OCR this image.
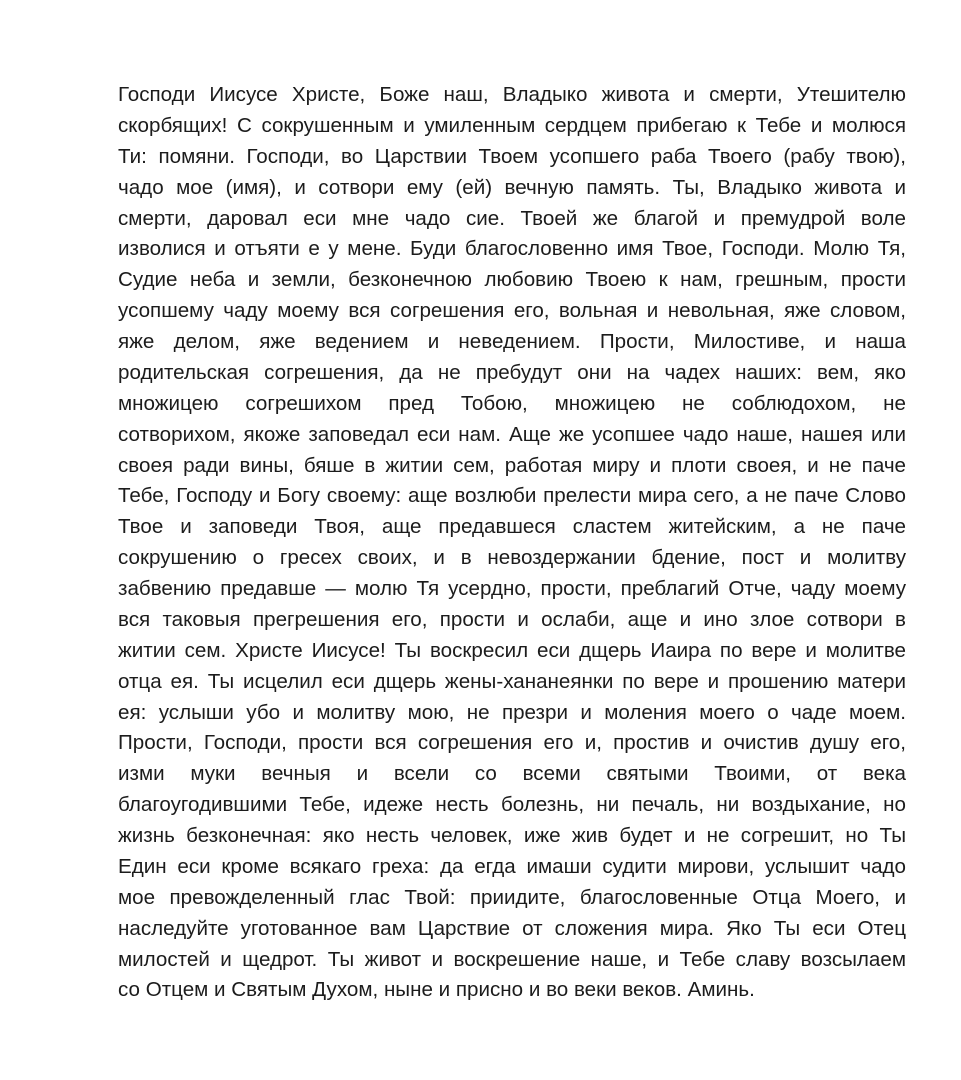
Господи Иисусе Христе, Боже наш, Владыко живота и смерти, Утешителю
скорбящих! С сокрушенным и умиленным сердцем прибегаю к Тебе и молюся
Ти: помяни. Господи, во Царствии Твоем усопшего раба Твоего (рабу твою),
чадо мое (имя), и сотвори ему (ей) вечную память. Ты, Владыко живота и
смерти, даровал еси мне чадо сие. Твоей же благой и премудрой воле
изволися и отъяти е у мене. Буди благословенно имя Твое, Господи. Молю Тя,
Судие неба и земли, безконечною любовию Твоею к нам, грешным, прости
усопшему чаду моему вся согрешения его, вольная и невольная, яже словом,
яже делом, яже ведением и неведением. Прости, Милостиве, и наша
родительская согрешения, да не пребудут они на чадех наших: вем, яко
множицею согрешихом пред Тобою, множицею не соблюдохом, не
сотворихом, якоже заповедал еси нам. Аще же усопшее чадо наше, нашея или
своея ради вины, бяше в житии сем, работая миру и плоти своея, и не паче
Тебе, Господу и Богу своему: аще возлюби прелести мира сего, а не паче Слово
Твое и заповеди Твоя, аще предавшеся сластем житейским, а не паче
сокрушению о гресех своих, и в невоздержании бдение, пост и молитву
забвению предавше — молю Тя усердно, прости, преблагий Отче, чаду моему
вся таковыя прегрешения его, прости и ослаби, аще и ино злое сотвори в
житии сем. Христе Иисусе! Ты воскресил еси дщерь Иаира по вере и молитве
отца ея. Ты исцелил еси дщерь жены-хананеянки по вере и прошению матери
ея: услыши убо и молитву мою, не презри и моления моего о чаде моем.
Прости, Господи, прости вся согрешения его и, простив и очистив душу его,
изми муки вечныя и всели со всеми святыми Твоими, от века
благоугодившими Тебе, идеже несть болезнь, ни печаль, ни воздыхание, но
жизнь безконечная: яко несть человек, иже жив будет и не согрешит, но Ты
Един еси кроме всякаго греха: да егда имаши судити мирови, услышит чадо
мое превожделенный глас Твой: приидите, благословенные Отца Моего, и
наследуйте уготованное вам Царствие от сложения мира. Яко Ты еси Отец
милостей и щедрот. Ты живот и воскрешение наше, и Тебе славу возсылаем
со Отцем и Святым Духом, ныне и присно и во веки веков. Аминь.
